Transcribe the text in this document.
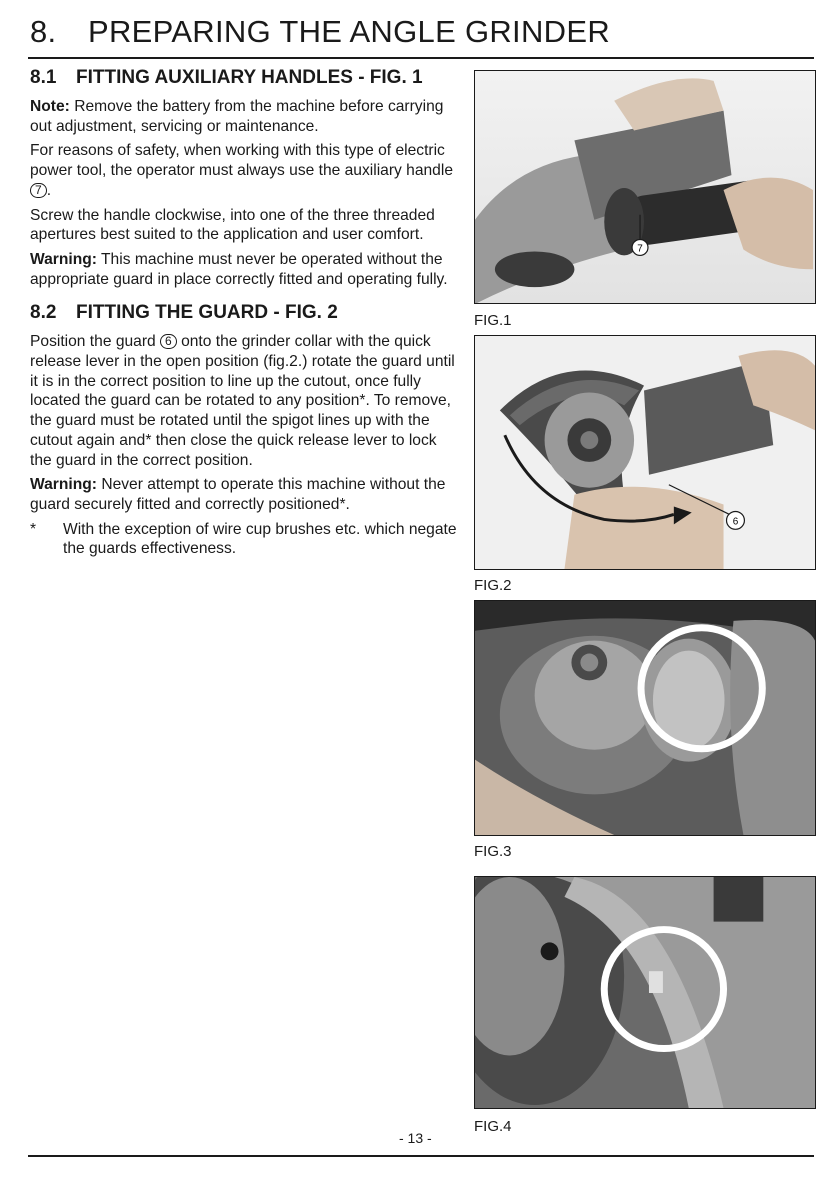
8. PREPARING THE ANGLE GRINDER
8.1	FITTING AUXILIARY HANDLES - FIG. 1

Note: Remove the battery from the machine before carrying out adjustment, servicing or maintenance.

For reasons of safety, when working with this type of electric power tool, the operator must always use the auxiliary handle 7 .

Screw the handle clockwise, into one of the three threaded apertures best suited to the application and user comfort.

Warning: This machine must never be operated without the appropriate guard in place correctly fitted and operating fully.

8.2	FITTING THE GUARD - FIG. 2

Position the guard 6 onto the grinder collar with the quick release lever in the open position (fig.2.) rotate the guard until it is in the correct position to line up the cutout, once fully located the guard can be rotated to any position*. To remove, the guard must be rotated until the spigot lines up with the cutout again and* then close the quick release lever to lock the guard in the correct position.

Warning: Never attempt to operate this machine without the guard securely fitted and correctly positioned*.

*	With the exception of wire cup brushes etc. which negate the guards effectiveness.
7
FIG.1
6
FIG.2
FIG.3
FIG.4
- 13 -
